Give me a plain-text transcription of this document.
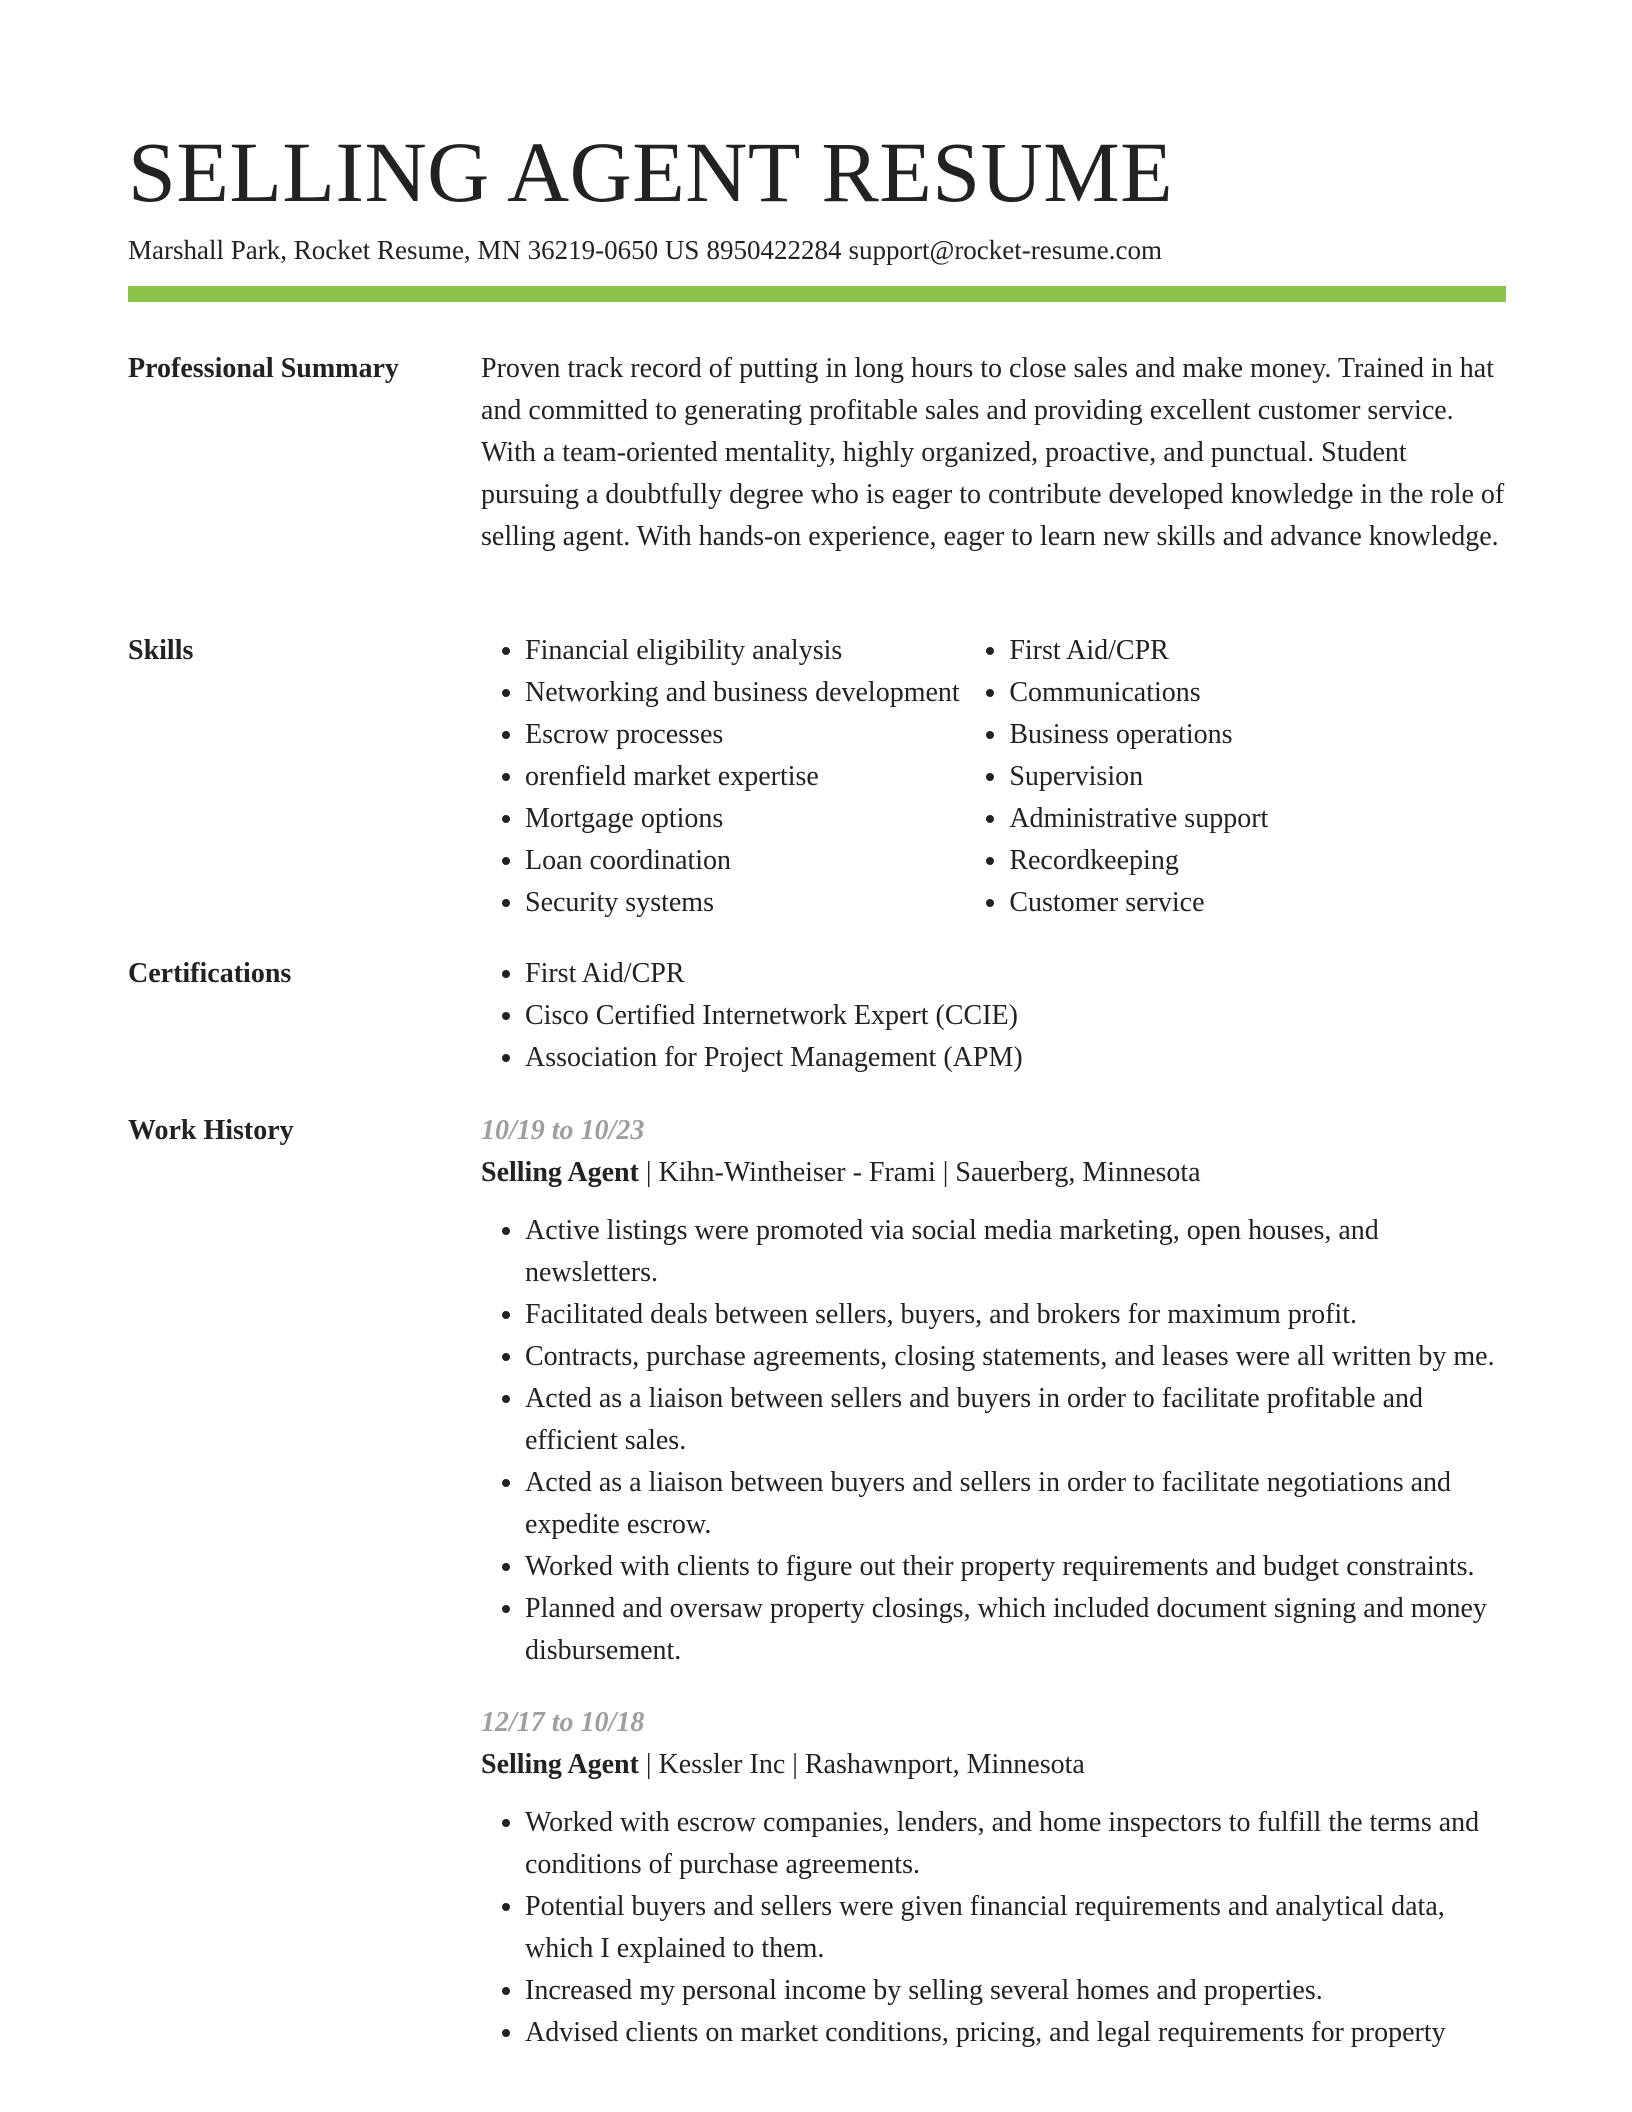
SELLING AGENT RESUME
Marshall Park, Rocket Resume, MN 36219-0650 US 8950422284 support@rocket-resume.com
Professional Summary	Proven track record of putting in long hours to close sales and make money. Trained in hat and committed to generating profitable sales and providing excellent customer service. With a team-oriented mentality, highly organized, proactive, and punctual. Student pursuing a doubtfully degree who is eager to contribute developed knowledge in the role of selling agent. With hands-on experience, eager to learn new skills and advance knowledge.

Skills	• Financial eligibility analysis
• Networking and business development
• Escrow processes
• orenfield market expertise
• Mortgage options
• Loan coordination
• Security systems
• First Aid/CPR
• Communications
• Business operations
• Supervision
• Administrative support
• Recordkeeping
• Customer service
Certifications	• First Aid/CPR
• Cisco Certified Internetwork Expert (CCIE)
• Association for Project Management (APM)
Work History	10/19 to 10/23
Selling Agent | Kihn-Wintheiser - Frami | Sauerberg, Minnesota
• Active listings were promoted via social media marketing, open houses, and newsletters.
• Facilitated deals between sellers, buyers, and brokers for maximum profit.
• Contracts, purchase agreements, closing statements, and leases were all written by me.
• Acted as a liaison between sellers and buyers in order to facilitate profitable and efficient sales.
• Acted as a liaison between buyers and sellers in order to facilitate negotiations and expedite escrow.
• Worked with clients to figure out their property requirements and budget constraints.
• Planned and oversaw property closings, which included document signing and money disbursement.
12/17 to 10/18
Selling Agent | Kessler Inc | Rashawnport, Minnesota
• Worked with escrow companies, lenders, and home inspectors to fulfill the terms and conditions of purchase agreements.
• Potential buyers and sellers were given financial requirements and analytical data, which I explained to them.
• Increased my personal income by selling several homes and properties.
• Advised clients on market conditions, pricing, and legal requirements for property
